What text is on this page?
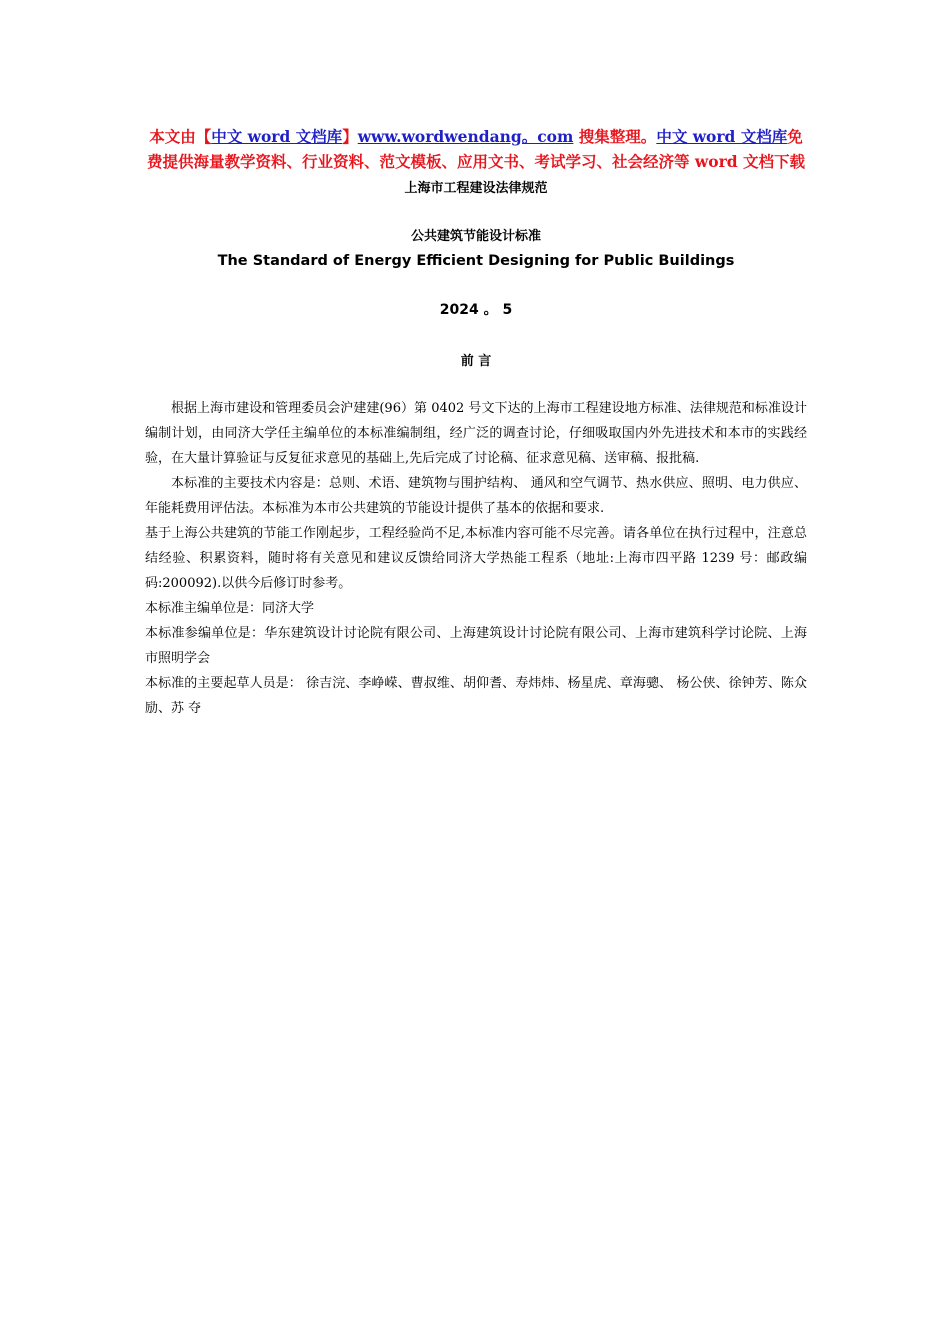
本文由【中文 word 文档库】www.wordwendang。com 搜集整理。中文 word 文档库免费提供海量教学资料、行业资料、范文模板、应用文书、考试学习、社会经济等 word 文档下载

上海市工程建设法律规范

公共建筑节能设计标准

The Standard of Energy Efficient Designing for Public Buildings

2024 。 5

前 言

根据上海市建设和管理委员会沪建建(96）第 0402 号文下达的上海市工程建设地方标准、法律规范和标准设计编制计划，由同济大学任主编单位的本标准编制组，经广泛的调查讨论，仔细吸取国内外先进技术和本市的实践经验，在大量计算验证与反复征求意见的基础上,先后完成了讨论稿、征求意见稿、送审稿、报批稿.

本标准的主要技术内容是：总则、术语、建筑物与围护结构、 通风和空气调节、热水供应、照明、电力供应、年能耗费用评估法。本标准为本市公共建筑的节能设计提供了基本的依据和要求.

基于上海公共建筑的节能工作刚起步，工程经验尚不足,本标准内容可能不尽完善。请各单位在执行过程中，注意总结经验、积累资料，随时将有关意见和建议反馈给同济大学热能工程系（地址:上海市四平路 1239 号：邮政编码:200092).以供今后修订时参考。

本标准主编单位是：同济大学

本标准参编单位是：华东建筑设计讨论院有限公司、上海建筑设计讨论院有限公司、上海市建筑科学讨论院、上海市照明学会

本标准的主要起草人员是： 徐吉浣、李峥嵘、曹叔维、胡仰耆、寿炜炜、杨星虎、章海骢、 杨公侠、徐钟芳、陈众励、苏 夺
